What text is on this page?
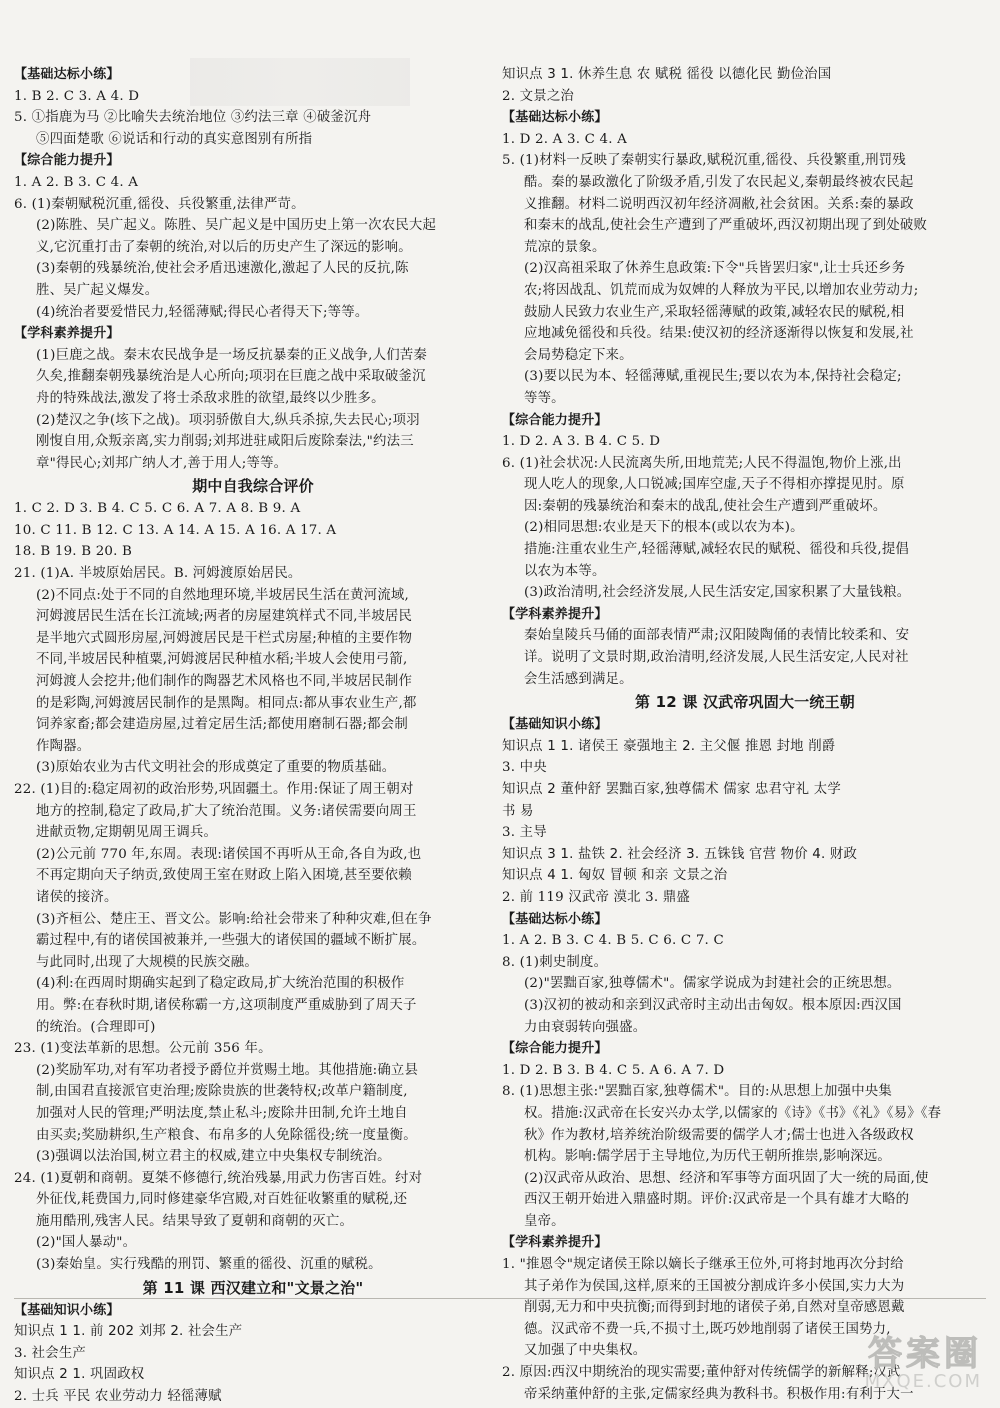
【基础达标小练】
1. B 2. C 3. A 4. D
5. ①指鹿为马 ②比喻失去统治地位 ③约法三章 ④破釜沉舟
⑤四面楚歌 ⑥说话和行动的真实意图别有所指
【综合能力提升】
1. A 2. B 3. C 4. A
6. (1)秦朝赋税沉重,徭役、兵役繁重,法律严苛。
(2)陈胜、吴广起义。陈胜、吴广起义是中国历史上第一次农民大起
义,它沉重打击了秦朝的统治,对以后的历史产生了深远的影响。
(3)秦朝的残暴统治,使社会矛盾迅速激化,激起了人民的反抗,陈
胜、吴广起义爆发。
(4)统治者要爱惜民力,轻徭薄赋;得民心者得天下;等等。
【学科素养提升】
(1)巨鹿之战。秦末农民战争是一场反抗暴秦的正义战争,人们苦秦
久矣,推翻秦朝残暴统治是人心所向;项羽在巨鹿之战中采取破釜沉
舟的特殊战法,激发了将士杀敌求胜的欲望,最终以少胜多。
(2)楚汉之争(垓下之战)。项羽骄傲自大,纵兵杀掠,失去民心;项羽
刚愎自用,众叛亲离,实力削弱;刘邦进驻咸阳后废除秦法,"约法三
章"得民心;刘邦广纳人才,善于用人;等等。
期中自我综合评价
1. C 2. D 3. B 4. C 5. C 6. A 7. A 8. B 9. A
10. C 11. B 12. C 13. A 14. A 15. A 16. A 17. A
18. B 19. B 20. B
21. (1)A. 半坡原始居民。B. 河姆渡原始居民。
(2)不同点:处于不同的自然地理环境,半坡居民生活在黄河流域,
河姆渡居民生活在长江流域;两者的房屋建筑样式不同,半坡居民
是半地穴式圆形房屋,河姆渡居民是干栏式房屋;种植的主要作物
不同,半坡居民种植粟,河姆渡居民种植水稻;半坡人会使用弓箭,
河姆渡人会挖井;他们制作的陶器艺术风格也不同,半坡居民制作
的是彩陶,河姆渡居民制作的是黑陶。相同点:都从事农业生产,都
饲养家畜;都会建造房屋,过着定居生活;都使用磨制石器;都会制
作陶器。
(3)原始农业为古代文明社会的形成奠定了重要的物质基础。
22. (1)目的:稳定周初的政治形势,巩固疆土。作用:保证了周王朝对
地方的控制,稳定了政局,扩大了统治范围。义务:诸侯需要向周王
进献贡物,定期朝见周王调兵。
(2)公元前 770 年,东周。表现:诸侯国不再听从王命,各自为政,也
不再定期向天子纳贡,致使周王室在财政上陷入困境,甚至要依赖
诸侯的接济。
(3)齐桓公、楚庄王、晋文公。影响:给社会带来了种种灾难,但在争
霸过程中,有的诸侯国被兼并,一些强大的诸侯国的疆域不断扩展。
与此同时,出现了大规模的民族交融。
(4)利:在西周时期确实起到了稳定政局,扩大统治范围的积极作
用。弊:在春秋时期,诸侯称霸一方,这项制度严重威胁到了周天子
的统治。(合理即可)
23. (1)变法革新的思想。公元前 356 年。
(2)奖励军功,对有军功者授予爵位并赏赐土地。其他措施:确立县
制,由国君直接派官吏治理;废除贵族的世袭特权;改革户籍制度,
加强对人民的管理;严明法度,禁止私斗;废除井田制,允许土地自
由买卖;奖励耕织,生产粮食、布帛多的人免除徭役;统一度量衡。
(3)强调以法治国,树立君主的权威,建立中央集权专制统治。
24. (1)夏朝和商朝。夏桀不修德行,统治残暴,用武力伤害百姓。纣对
外征伐,耗费国力,同时修建豪华宫殿,对百姓征收繁重的赋税,还
施用酷刑,残害人民。结果导致了夏朝和商朝的灭亡。
(2)"国人暴动"。
(3)秦始皇。实行残酷的刑罚、繁重的徭役、沉重的赋税。
第 11 课 西汉建立和"文景之治"
【基础知识小练】
知识点 1 1. 前 202 刘邦 2. 社会生产
3. 社会生产
知识点 2 1. 巩固政权
2. 士兵 平民 农业劳动力 轻徭薄赋
知识点 3 1. 休养生息 农 赋税 徭役 以德化民 勤俭治国
2. 文景之治
【基础达标小练】
1. D 2. A 3. C 4. A
5. (1)材料一反映了秦朝实行暴政,赋税沉重,徭役、兵役繁重,刑罚残
酷。秦的暴政激化了阶级矛盾,引发了农民起义,秦朝最终被农民起
义推翻。材料二说明西汉初年经济凋敝,社会贫困。关系:秦的暴政
和秦末的战乱,使社会生产遭到了严重破坏,西汉初期出现了到处破败
荒凉的景象。
(2)汉高祖采取了休养生息政策:下令"兵皆罢归家",让士兵还乡务
农;将因战乱、饥荒而成为奴婢的人释放为平民,以增加农业劳动力;
鼓励人民致力农业生产,采取轻徭薄赋的政策,减轻农民的赋税,相
应地减免徭役和兵役。结果:使汉初的经济逐渐得以恢复和发展,社
会局势稳定下来。
(3)要以民为本、轻徭薄赋,重视民生;要以农为本,保持社会稳定;
等等。
【综合能力提升】
1. D 2. A 3. B 4. C 5. D
6. (1)社会状况:人民流离失所,田地荒芜;人民不得温饱,物价上涨,出
现人吃人的现象,人口锐减;国库空虚,天子不得相亦撑提见肘。原
因:秦朝的残暴统治和秦末的战乱,使社会生产遭到严重破坏。
(2)相同思想:农业是天下的根本(或以农为本)。
措施:注重农业生产,轻徭薄赋,减轻农民的赋税、徭役和兵役,提倡
以农为本等。
(3)政治清明,社会经济发展,人民生活安定,国家积累了大量钱粮。
【学科素养提升】
秦始皇陵兵马俑的面部表情严肃;汉阳陵陶俑的表情比较柔和、安
详。说明了文景时期,政治清明,经济发展,人民生活安定,人民对社
会生活感到满足。
第 12 课 汉武帝巩固大一统王朝
【基础知识小练】
知识点 1 1. 诸侯王 豪强地主 2. 主父偃 推恩 封地 削爵
3. 中央
知识点 2 董仲舒 罢黜百家,独尊儒术 儒家 忠君守礼 太学
书 易
3. 主导
知识点 3 1. 盐铁 2. 社会经济 3. 五铢钱 官营 物价 4. 财政
知识点 4 1. 匈奴 冒顿 和亲 文景之治
2. 前 119 汉武帝 漠北 3. 鼎盛
【基础达标小练】
1. A 2. B 3. C 4. B 5. C 6. C 7. C
8. (1)刺史制度。
(2)"罢黜百家,独尊儒术"。儒家学说成为封建社会的正统思想。
(3)汉初的被动和亲到汉武帝时主动出击匈奴。根本原因:西汉国
力由衰弱转向强盛。
【综合能力提升】
1. D 2. B 3. B 4. C 5. A 6. A 7. D
8. (1)思想主张:"罢黜百家,独尊儒术"。目的:从思想上加强中央集
权。措施:汉武帝在长安兴办太学,以儒家的《诗》《书》《礼》《易》《春
秋》作为教材,培养统治阶级需要的儒学人才;儒士也进入各级政权
机构。影响:儒学居于主导地位,为历代王朝所推崇,影响深远。
(2)汉武帝从政治、思想、经济和军事等方面巩固了大一统的局面,使
西汉王朝开始进入鼎盛时期。评价:汉武帝是一个具有雄才大略的
皇帝。
【学科素养提升】
1. "推恩令"规定诸侯王除以嫡长子继承王位外,可将封地再次分封给
其子弟作为侯国,这样,原来的王国被分割成许多小侯国,实力大为
削弱,无力和中央抗衡;而得到封地的诸侯子弟,自然对皇帝感恩戴
德。汉武帝不费一兵,不损寸土,既巧妙地削弱了诸侯王国势力,
又加强了中央集权。
2. 原因:西汉中期统治的现实需要;董仲舒对传统儒学的新解释;汉武
帝采纳董仲舒的主张,定儒家经典为教科书。积极作用:有利于大一
答案圈
MXQE.COM
